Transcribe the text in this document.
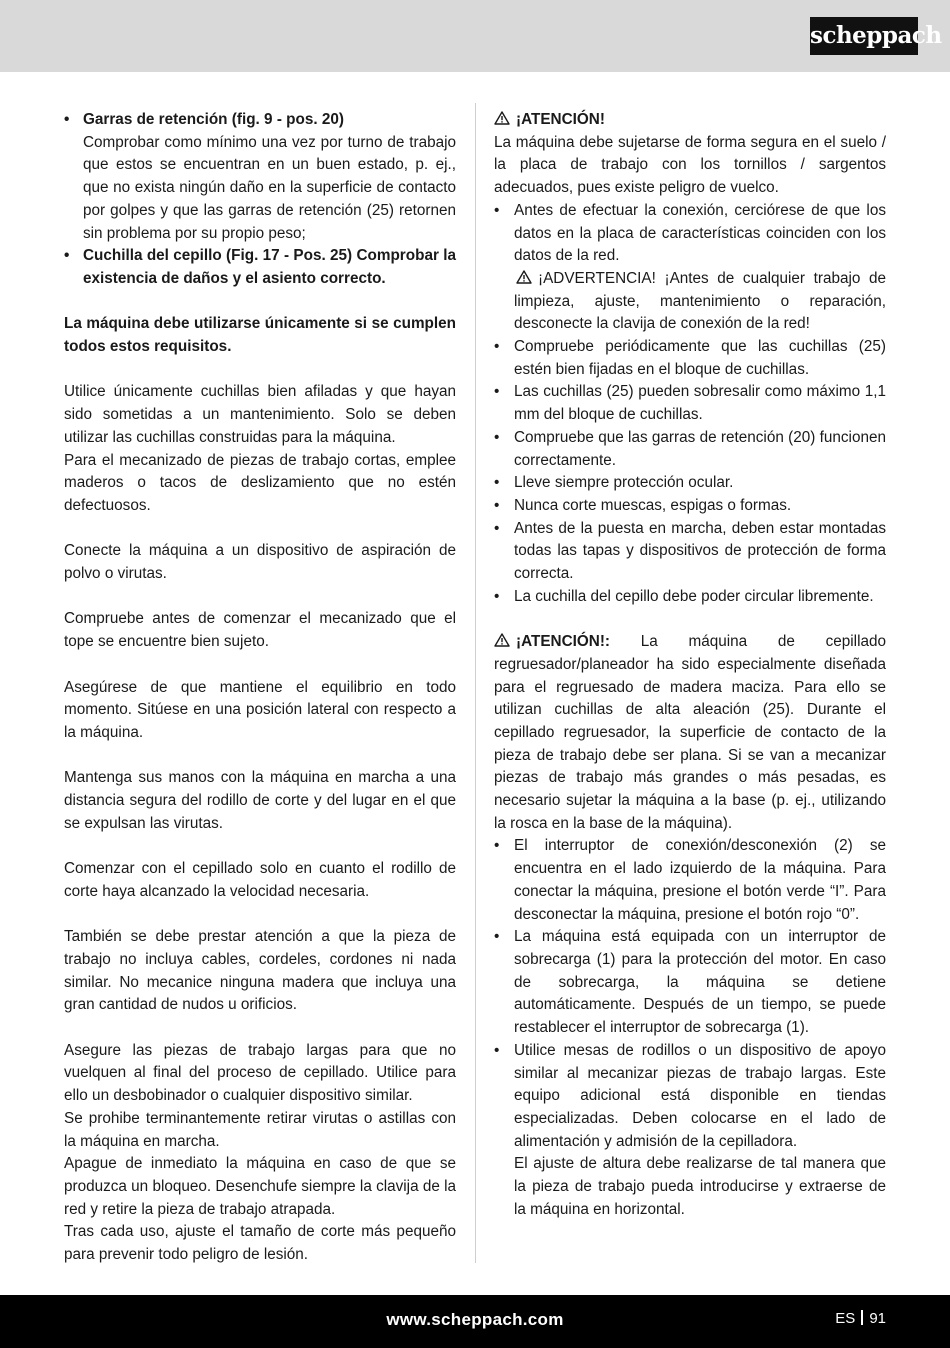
scheppach
• Garras de retención (fig. 9 - pos. 20)
Comprobar como mínimo una vez por turno de trabajo que estos se encuentran en un buen estado, p. ej., que no exista ningún daño en la superficie de contacto por golpes y que las garras de retención (25) retornen sin problema por su propio peso;
• Cuchilla del cepillo (Fig. 17 - Pos. 25) Comprobar la existencia de daños y el asiento correcto.

La máquina debe utilizarse únicamente si se cumplen todos estos requisitos.

Utilice únicamente cuchillas bien afiladas y que hayan sido sometidas a un mantenimiento. Solo se deben utilizar las cuchillas construidas para la máquina.

Para el mecanizado de piezas de trabajo cortas, emplee maderos o tacos de deslizamiento que no estén defectuosos.

Conecte la máquina a un dispositivo de aspiración de polvo o virutas.

Compruebe antes de comenzar el mecanizado que el tope se encuentre bien sujeto.

Asegúrese de que mantiene el equilibrio en todo momento. Sitúese en una posición lateral con respecto a la máquina.

Mantenga sus manos con la máquina en marcha a una distancia segura del rodillo de corte y del lugar en el que se expulsan las virutas.

Comenzar con el cepillado solo en cuanto el rodillo de corte haya alcanzado la velocidad necesaria.

También se debe prestar atención a que la pieza de trabajo no incluya cables, cordeles, cordones ni nada similar. No mecanice ninguna madera que incluya una gran cantidad de nudos u orificios.

Asegure las piezas de trabajo largas para que no vuelquen al final del proceso de cepillado. Utilice para ello un desbobinador o cualquier dispositivo similar.

Se prohibe terminantemente retirar virutas o astillas con la máquina en marcha.

Apague de inmediato la máquina en caso de que se produzca un bloqueo. Desenchufe siempre la clavija de la red y retire la pieza de trabajo atrapada.

Tras cada uso, ajuste el tamaño de corte más pequeño para prevenir todo peligro de lesión.

¡ATENCIÓN!

La máquina debe sujetarse de forma segura en el suelo / la placa de trabajo con los tornillos / sargentos adecuados, pues existe peligro de vuelco.

• Antes de efectuar la conexión, cerciórese de que los datos en la placa de características coinciden con los datos de la red.
¡ADVERTENCIA! ¡Antes de cualquier trabajo de limpieza, ajuste, mantenimiento o reparación, desconecte la clavija de conexión de la red!
• Compruebe periódicamente que las cuchillas (25) estén bien fijadas en el bloque de cuchillas.
• Las cuchillas (25) pueden sobresalir como máximo 1,1 mm del bloque de cuchillas.
• Compruebe que las garras de retención (20) funcionen correctamente.
• Lleve siempre protección ocular.
• Nunca corte muescas, espigas o formas.
• Antes de la puesta en marcha, deben estar montadas todas las tapas y dispositivos de protección de forma correcta.
• La cuchilla del cepillo debe poder circular libremente.

¡ATENCIÓN!: La máquina de cepillado regruesador/planeador ha sido especialmente diseñada para el regruesado de madera maciza. Para ello se utilizan cuchillas de alta aleación (25). Durante el cepillado regruesador, la superficie de contacto de la pieza de trabajo debe ser plana. Si se van a mecanizar piezas de trabajo más grandes o más pesadas, es necesario sujetar la máquina a la base (p. ej., utilizando la rosca en la base de la máquina).

• El interruptor de conexión/desconexión (2) se encuentra en el lado izquierdo de la máquina. Para conectar la máquina, presione el botón verde “I”. Para desconectar la máquina, presione el botón rojo “0”.
• La máquina está equipada con un interruptor de sobrecarga (1) para la protección del motor. En caso de sobrecarga, la máquina se detiene automáticamente. Después de un tiempo, se puede restablecer el interruptor de sobrecarga (1).
• Utilice mesas de rodillos o un dispositivo de apoyo similar al mecanizar piezas de trabajo largas. Este equipo adicional está disponible en tiendas especializadas. Deben colocarse en el lado de alimentación y admisión de la cepilladora.

El ajuste de altura debe realizarse de tal manera que la pieza de trabajo pueda introducirse y extraerse de la máquina en horizontal.

www.scheppach.com	ES 91
